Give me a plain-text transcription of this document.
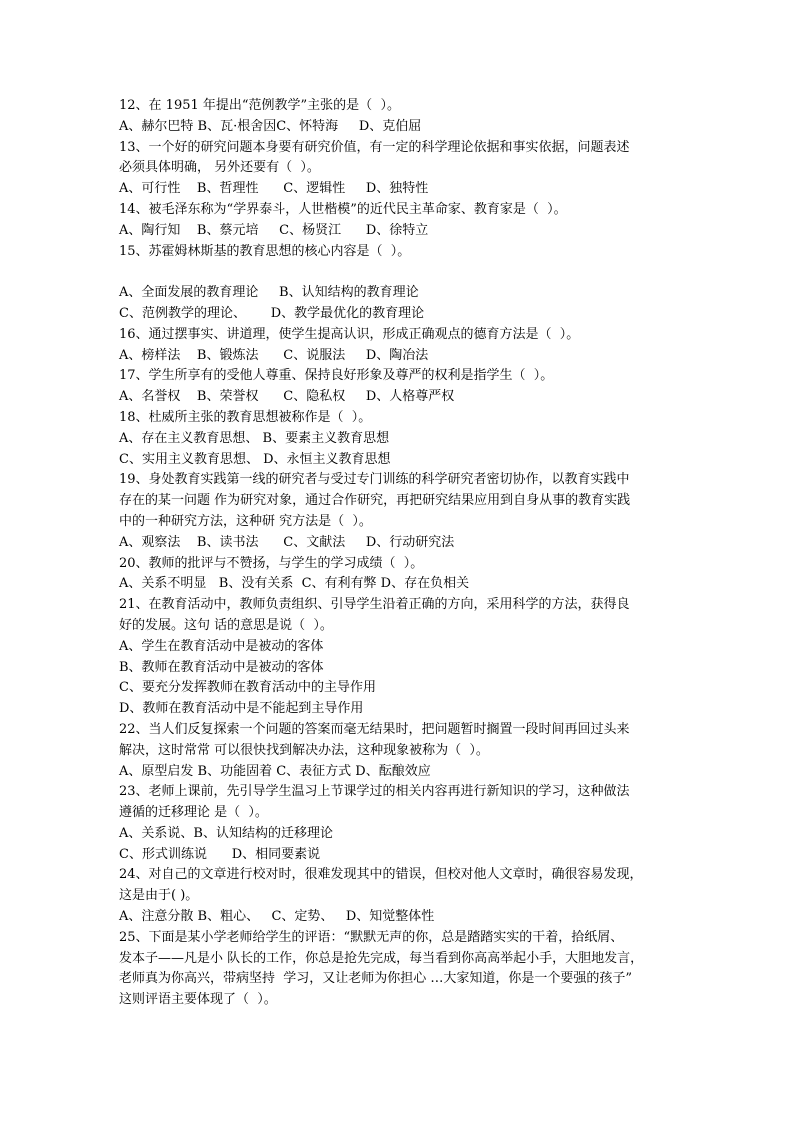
12、在 1951 年提出“范例教学”主张的是（  ）。
A、赫尔巴特 B、瓦·根舍因C、怀特海     D、克伯屈
13、一个好的研究问题本身要有研究价值，有一定的科学理论依据和事实依据，问题表述
必须具体明确， 另外还要有（  ）。
A、可行性    B、哲理性      C、逻辑性     D、独特性
14、被毛泽东称为“学界泰斗，人世楷模”的近代民主革命家、教育家是（  ）。
A、陶行知    B、蔡元培     C、杨贤江      D、徐特立
15、苏霍姆林斯基的教育思想的核心内容是（  ）。
A、全面发展的教育理论     B、认知结构的教育理论
C、范例教学的理论、      D、教学最优化的教育理论
16、通过摆事实、讲道理，使学生提高认识，形成正确观点的德育方法是（  ）。
A、榜样法    B、锻炼法      C、说服法     D、陶冶法
17、学生所享有的受他人尊重、保持良好形象及尊严的权利是指学生（  ）。
A、名誉权    B、荣誉权      C、隐私权     D、人格尊严权
18、杜威所主张的教育思想被称作是（  ）。
A、存在主义教育思想、 B、要素主义教育思想
C、实用主义教育思想、 D、永恒主义教育思想
19、身处教育实践第一线的研究者与受过专门训练的科学研究者密切协作，以教育实践中
存在的某一问题 作为研究对象，通过合作研究，再把研究结果应用到自身从事的教育实践
中的一种研究方法，这种研 究方法是（  ）。
A、观察法    B、读书法      C、文献法     D、行动研究法
20、教师的批评与不赞扬，与学生的学习成绩（  ）。
A、关系不明显   B、没有关系  C、有利有弊 D、存在负相关
21、在教育活动中，教师负责组织、引导学生沿着正确的方向，采用科学的方法，获得良
好的发展。这句 话的意思是说（  ）。
A、学生在教育活动中是被动的客体
B、教师在教育活动中是被动的客体
C、要充分发挥教师在教育活动中的主导作用
D、教师在教育活动中是不能起到主导作用
22、当人们反复探索一个问题的答案而毫无结果时，把问题暂时搁置一段时间再回过头来
解决，这时常常 可以很快找到解决办法，这种现象被称为（  ）。
A、原型启发 B、功能固着 C、表征方式 D、酝酿效应
23、老师上课前，先引导学生温习上节课学过的相关内容再进行新知识的学习，这种做法
遵循的迁移理论 是（  ）。
A、关系说、B、认知结构的迁移理论
C、形式训练说      D、相同要素说
24、对自己的文章进行校对时，很难发现其中的错误，但校对他人文章时，确很容易发现，
这是由于( )。
A、注意分散 B、粗心、   C、定势、   D、知觉整体性
25、下面是某小学老师给学生的评语：“默默无声的你，总是踏踏实实的干着，拾纸屑、
发本子——凡是小 队长的工作，你总是抢先完成，每当看到你高高举起小手，大胆地发言，
老师真为你高兴，带病坚持  学习，又让老师为你担心 …大家知道，你是一个要强的孩子”
这则评语主要体现了（  ）。
